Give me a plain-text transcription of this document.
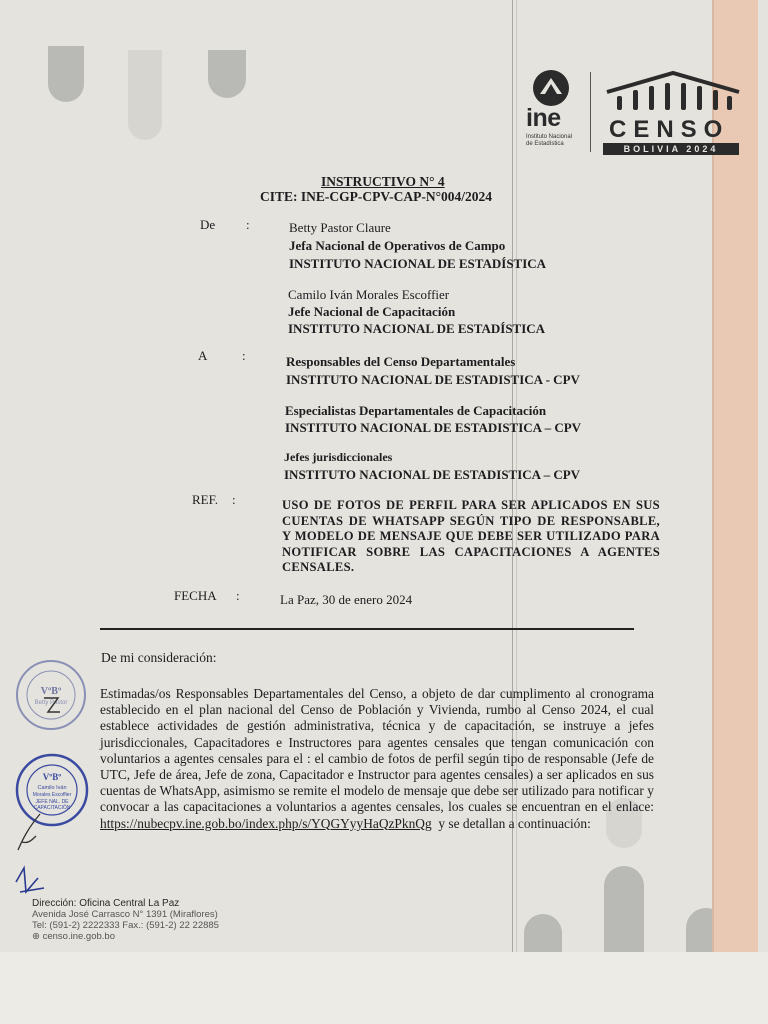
ine
Instituto Nacional
de Estadística
CENSO
BOLIVIA 2024
INSTRUCTIVO N° 4
CITE: INE-CGP-CPV-CAP-N°004/2024
De :	Betty Pastor Claure
Jefa Nacional de Operativos de Campo
INSTITUTO NACIONAL DE ESTADÍSTICA
Camilo Iván Morales Escoffier
Jefe Nacional de Capacitación
INSTITUTO NACIONAL DE ESTADÍSTICA
A	:	Responsables del Censo Departamentales
INSTITUTO NACIONAL DE ESTADISTICA - CPV
Especialistas Departamentales de Capacitación
INSTITUTO NACIONAL DE ESTADISTICA – CPV
Jefes jurisdiccionales
INSTITUTO NACIONAL DE ESTADISTICA – CPV
REF. :	USO DE FOTOS DE PERFIL PARA SER APLICADOS EN SUS CUENTAS DE WHATSAPP SEGÚN TIPO DE RESPONSABLE, Y MODELO DE MENSAJE QUE DEBE SER UTILIZADO PARA NOTIFICAR SOBRE LAS CAPACITACIONES A AGENTES CENSALES.
FECHA :	La Paz, 30 de enero 2024
De mi consideración:
Estimadas/os Responsables Departamentales del Censo, a objeto de dar cumplimento al cronograma establecido en el plan nacional del Censo de Población y Vivienda, rumbo al Censo 2024, el cual establece actividades de gestión administrativa, técnica y de capacitación, se instruye a jefes jurisdiccionales, Capacitadores e Instructores para agentes censales que tengan comunicación con voluntarios a agentes censales para el : el cambio de fotos de perfil según tipo de responsable (Jefe de UTC, Jefe de área, Jefe de zona, Capacitador e Instructor para agentes censales) a ser aplicados en sus cuentas de WhatsApp, asimismo se remite el modelo de mensaje que debe ser utilizado para notificar y convocar a las capacitaciones a voluntarios a agentes censales, los cuales se encuentran en el enlace: https://nubecpv.ine.gob.bo/index.php/s/YQGYyyHaQzPknQg y se detallan a continuación:
VºBº
Betty Pastor
VºBº
Camilo Iván
Morales Escoffier
JEFE NAL. DE
CAPACITACIÓN
Dirección: Oficina Central La Paz
Avenida José Carrasco N° 1391 (Miraflores)
Tel: (591-2) 2222333 Fax.: (591-2) 22 22885
⊕ censo.ine.gob.bo
